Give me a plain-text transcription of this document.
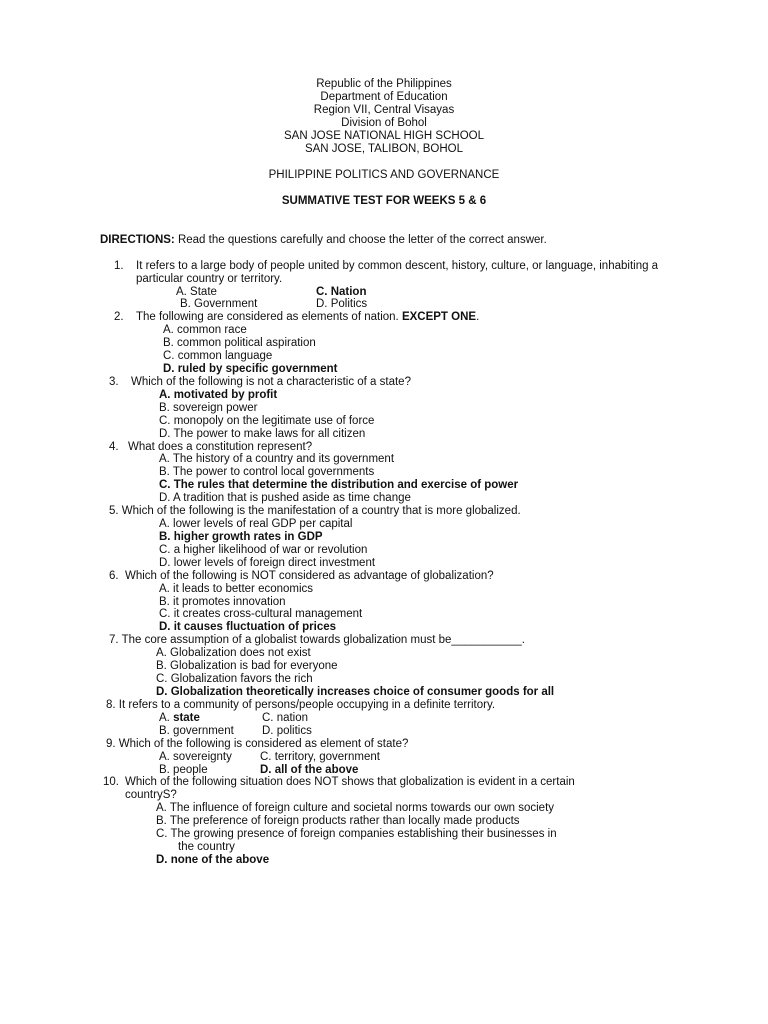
Republic of the Philippines
Department of Education
Region VII, Central Visayas
Division of Bohol
SAN JOSE NATIONAL HIGH SCHOOL
SAN JOSE, TALIBON, BOHOL
PHILIPPINE POLITICS AND GOVERNANCE
SUMMATIVE TEST FOR WEEKS 5 & 6
DIRECTIONS: Read the questions carefully and choose the letter of the correct answer.
1. It refers to a large body of people united by common descent, history, culture, or language, inhabiting a
particular country or territory.
A. State	C. Nation
B. Government	D. Politics
2. The following are considered as elements of nation. EXCEPT ONE.
A. common race
B. common political aspiration
C. common language
D. ruled by specific government
3. Which of the following is not a characteristic of a state?
A. motivated by profit
B. sovereign power
C. monopoly on the legitimate use of force
D. The power to make laws for all citizen
4. What does a constitution represent?
A. The history of a country and its government
B. The power to control local governments
C. The rules that determine the distribution and exercise of power
D. A tradition that is pushed aside as time change
5. Which of the following is the manifestation of a country that is more globalized.
A. lower levels of real GDP per capital
B. higher growth rates in GDP
C. a higher likelihood of war or revolution
D. lower levels of foreign direct investment
6. Which of the following is NOT considered as advantage of globalization?
A. it leads to better economics
B. it promotes innovation
C. it creates cross-cultural management
D. it causes fluctuation of prices
7. The core assumption of a globalist towards globalization must be___________.
A. Globalization does not exist
B. Globalization is bad for everyone
C. Globalization favors the rich
D. Globalization theoretically increases choice of consumer goods for all
8. It refers to a community of persons/people occupying in a definite territory.
A. state	C. nation
B. government D. politics
9. Which of the following is considered as element of state?
A. sovereignty C. territory, government
B. people	D. all of the above
10. Which of the following situation does NOT shows that globalization is evident in a certain
countryS?
A. The influence of foreign culture and societal norms towards our own society
B. The preference of foreign products rather than locally made products
C. The growing presence of foreign companies establishing their businesses in
the country
D. none of the above
